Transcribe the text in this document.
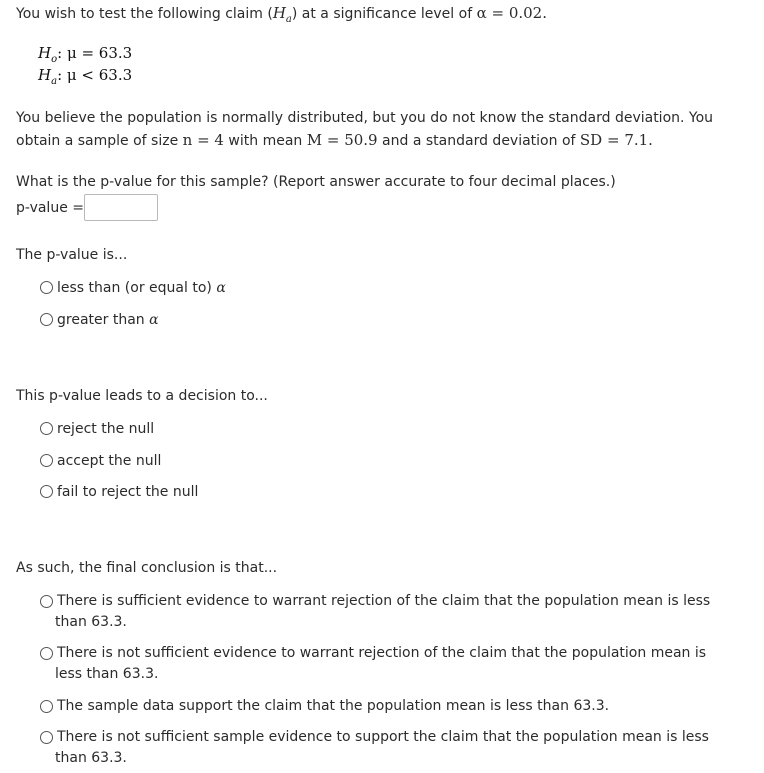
You wish to test the following claim $(H_a)$ at a significance level of α = 0.02.
$H_o$: μ = 63.3
$H_a$: μ < 63.3
You believe the population is normally distributed, but you do not know the standard deviation. You
obtain a sample of size n = 4 with mean M = 50.9 and a standard deviation of SD = 7.1.
What is the p-value for this sample? (Report answer accurate to four decimal places.)
p-value =
The p-value is...
less than (or equal to) α
greater than α
This p-value leads to a decision to...
reject the null
accept the null
fail to reject the null
As such, the final conclusion is that...
There is sufficient evidence to warrant rejection of the claim that the population mean is less
than 63.3.
There is not sufficient evidence to warrant rejection of the claim that the population mean is
less than 63.3.
The sample data support the claim that the population mean is less than 63.3.
There is not sufficient sample evidence to support the claim that the population mean is less
than 63.3.
